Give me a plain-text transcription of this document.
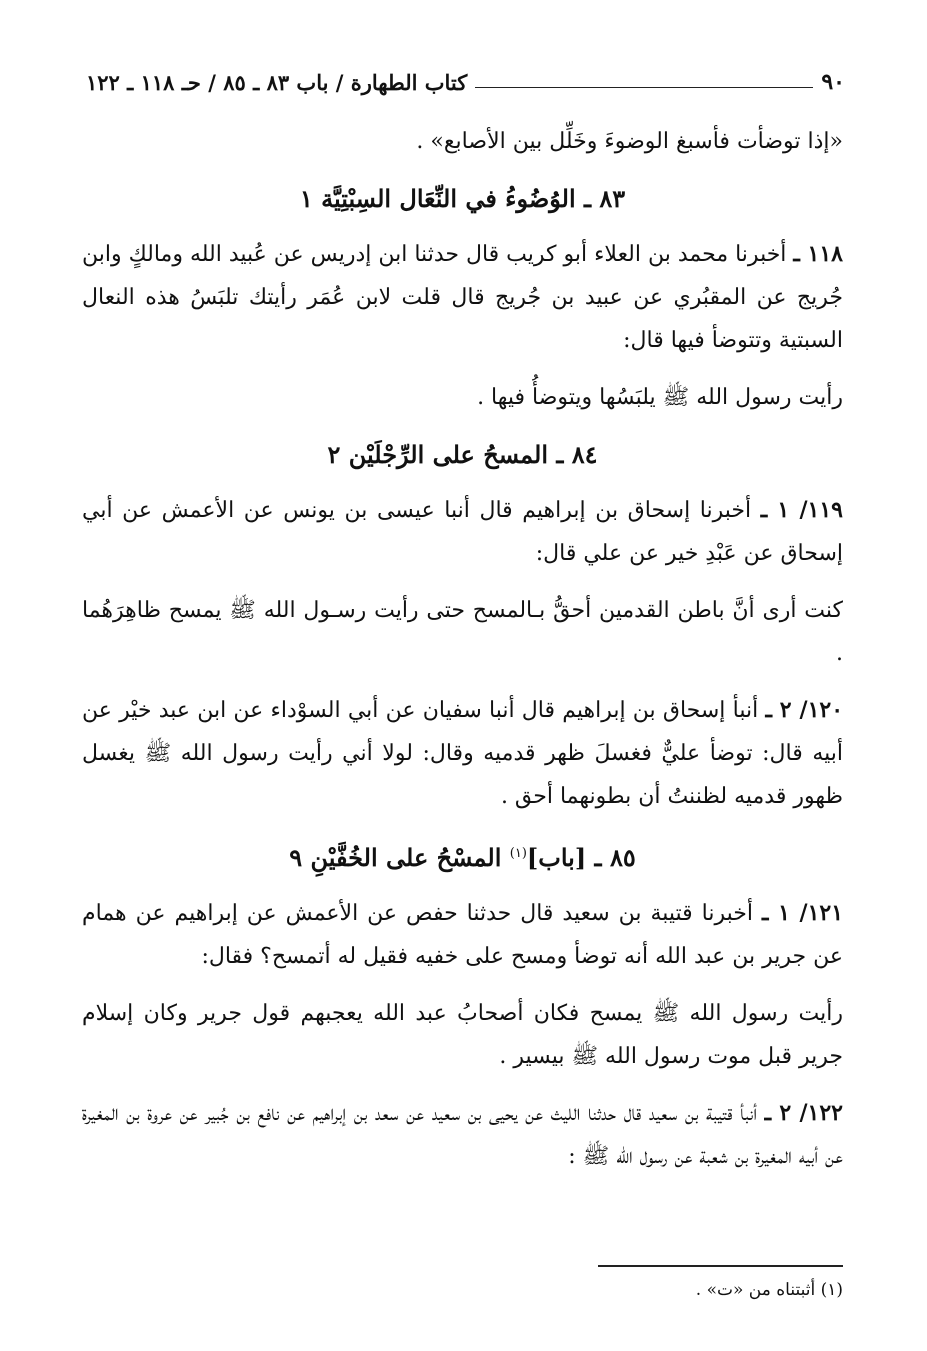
٩٠
كتاب الطهارة / باب ٨٣ ـ ٨٥ / حـ ١١٨ ـ ١٢٢

«إذا توضأت فأسبغ الوضوءَ وخَلِّل بين الأصابع» .

٨٣ ـ الوُضُوءُ في النِّعَال السِبْتِيَّة ١

١١٨ ـ أخبرنا محمد بن العلاء أبو كريب قال حدثنا ابن إدريس عن عُبيد الله ومالكٍ وابن جُريج عن المقبُري عن عبيد بن جُريج قال قلت لابن عُمَر رأيتك تلبَسُ هذه النعال السبتية وتتوضأ فيها قال:

رأيت رسول الله ﷺ يلبَسُها ويتوضأُ فيها .

٨٤ ـ المسحُ على الرِّجْلَيْن ٢

١١٩/ ١ ـ أخبرنا إسحاق بن إبراهيم قال أنبا عيسى بن يونس عن الأعمش عن أبي إسحاق عن عَبْدِ خير عن علي قال:

كنت أرى أنَّ باطن القدمين أحقُّ بـالمسح حتى رأيت رسـول الله ﷺ يمسح ظاهِرَهُما .

١٢٠/ ٢ ـ أنبأ إسحاق بن إبراهيم قال أنبا سفيان عن أبي السوْداء عن ابن عبد خيْر عن أبيه قال: توضأ عليٌّ فغسلَ ظهر قدميه وقال: لولا أني رأيت رسول الله ﷺ يغسل ظهور قدميه لظننتُ أن بطونهما أحق .

٨٥ ـ [باب]$^{(١)}$ المسْحُ على الخُفَّيْنِ ٩

١٢١/ ١ ـ أخبرنا قتيبة بن سعيد قال حدثنا حفص عن الأعمش عن إبراهيم عن همام عن جرير بن عبد الله أنه توضأ ومسح على خفيه فقيل له أتمسح؟ فقال:

رأيت رسول الله ﷺ يمسح فكان أصحابُ عبد الله يعجبهم قول جرير وكان إسلام جرير قبل موت رسول الله ﷺ بيسير .

١٢٢/ ٢ ـ أنبأ قتيبة بن سعيد قال حدثنا الليث عن يحيى بن سعيد عن سعد بن إبراهيم عن نافع بن جُبير عن عروة بن المغيرة عن أبيه المغيرة بن شعبة عن رسول الله ﷺ :

(١) أثبتناه من «ت» .
